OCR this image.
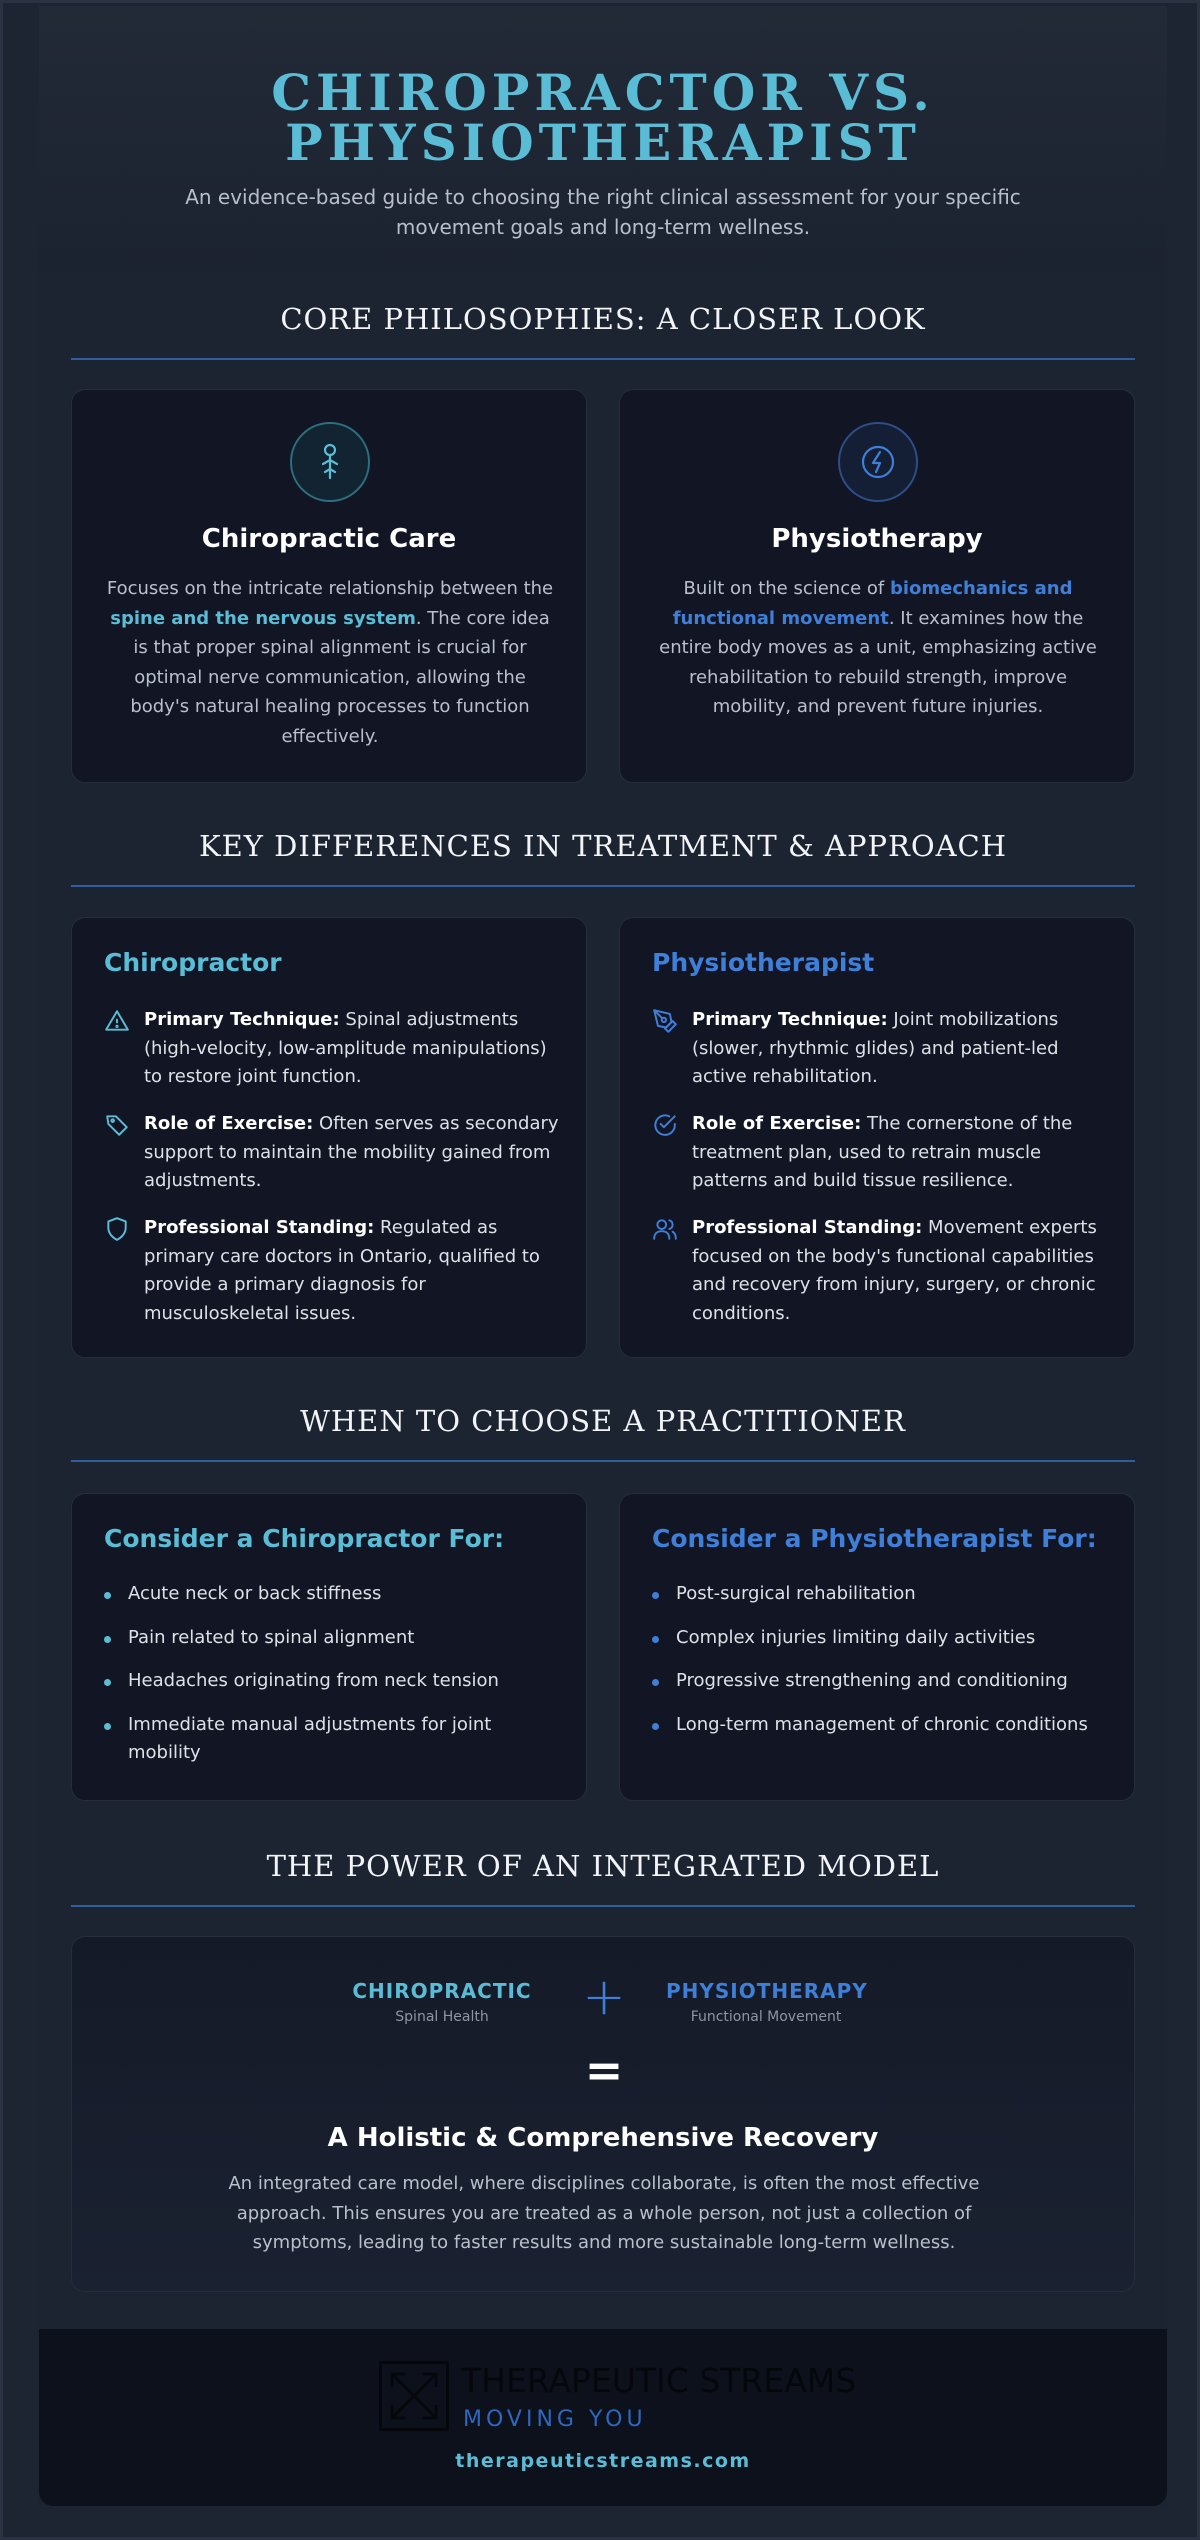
CHIROPRACTOR VS.
PHYSIOTHERAPIST
An evidence-based guide to choosing the right clinical assessment for your specific movement goals and long-term wellness.
CORE PHILOSOPHIES: A CLOSER LOOK
Chiropractic Care

Focuses on the intricate relationship between the spine and the nervous system. The core idea is that proper spinal alignment is crucial for optimal nerve communication, allowing the body's natural healing processes to function effectively.

Physiotherapy

Built on the science of biomechanics and functional movement. It examines how the entire body moves as a unit, emphasizing active rehabilitation to rebuild strength, improve mobility, and prevent future injuries.

KEY DIFFERENCES IN TREATMENT & APPROACH
Chiropractor
Primary Technique: Spinal adjustments (high-velocity, low-amplitude manipulations) to restore joint function.
Role of Exercise: Often serves as secondary support to maintain the mobility gained from adjustments.
Professional Standing: Regulated as primary care doctors in Ontario, qualified to provide a primary diagnosis for musculoskeletal issues.
Physiotherapist
Primary Technique: Joint mobilizations (slower, rhythmic glides) and patient-led active rehabilitation.
Role of Exercise: The cornerstone of the treatment plan, used to retrain muscle patterns and build tissue resilience.
Professional Standing: Movement experts focused on the body's functional capabilities and recovery from injury, surgery, or chronic conditions.
WHEN TO CHOOSE A PRACTITIONER
Consider a Chiropractor For:
Acute neck or back stiffness
Pain related to spinal alignment
Headaches originating from neck tension
Immediate manual adjustments for joint mobility
Consider a Physiotherapist For:
Post-surgical rehabilitation
Complex injuries limiting daily activities
Progressive strengthening and conditioning
Long-term management of chronic conditions
THE POWER OF AN INTEGRATED MODEL
CHIROPRACTIC
Spinal Health	+	PHYSIOTHERAPY
Functional Movement
=
A Holistic & Comprehensive Recovery

An integrated care model, where disciplines collaborate, is often the most effective approach. This ensures you are treated as a whole person, not just a collection of symptoms, leading to faster results and more sustainable long-term wellness.

THERAPEUTIC STREAMS
MOVING YOU
therapeuticstreams.com
